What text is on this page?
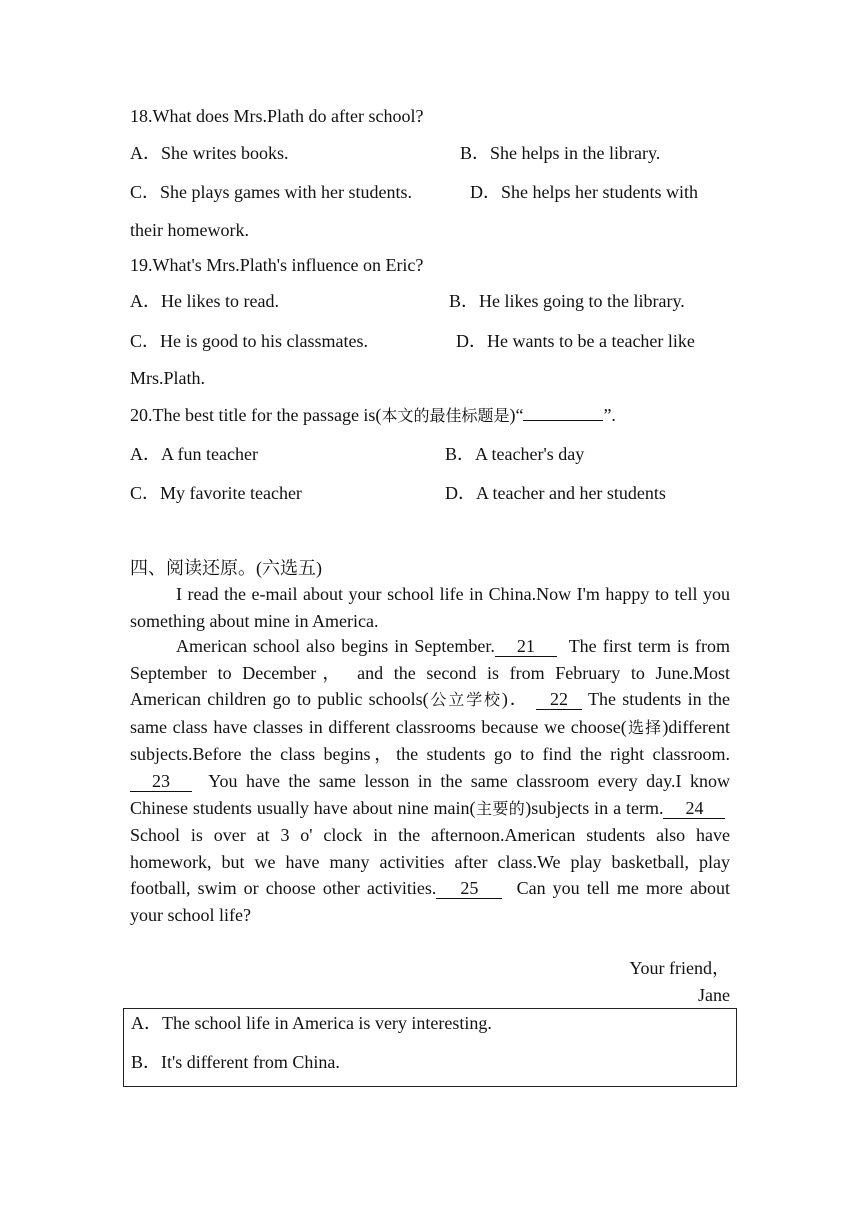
18.What does Mrs.Plath do after school?
A．She writes books.	B．She helps in the library.
C．She plays games with her students.	D．She helps her students with
their homework.
19.What's Mrs.Plath's influence on Eric?
A．He likes to read.	B．He likes going to the library.
C．He is good to his classmates.	D．He wants to be a teacher like
Mrs.Plath.
20.The best title for the passage is(本文的最佳标题是)“	”.
A．A fun teacher	B．A teacher's day
C．My favorite teacher	D．A teacher and her students
四、阅读还原。(六选五)
I read the e-mail about your school life in China.Now I'm happy to tell you something about mine in America.
American school also begins in September. 21 The first term is from September to December， and the second is from February to June.Most American children go to public schools(公立学校)． 22 The students in the same class have classes in different classrooms because we choose(选择)different subjects.Before the class begins，the students go to find the right classroom.23 You have the same lesson in the same classroom every day.I know Chinese students usually have about nine main(主要的)subjects in a term. 24  School is over at 3 o' clock in the afternoon.American students also have homework, but we have many activities after class.We play basketball, play football, swim or choose other activities. 25 Can you tell me more about your school life?
Your friend，
Jane
A．The school life in America is very interesting.
B．It's different from China.
